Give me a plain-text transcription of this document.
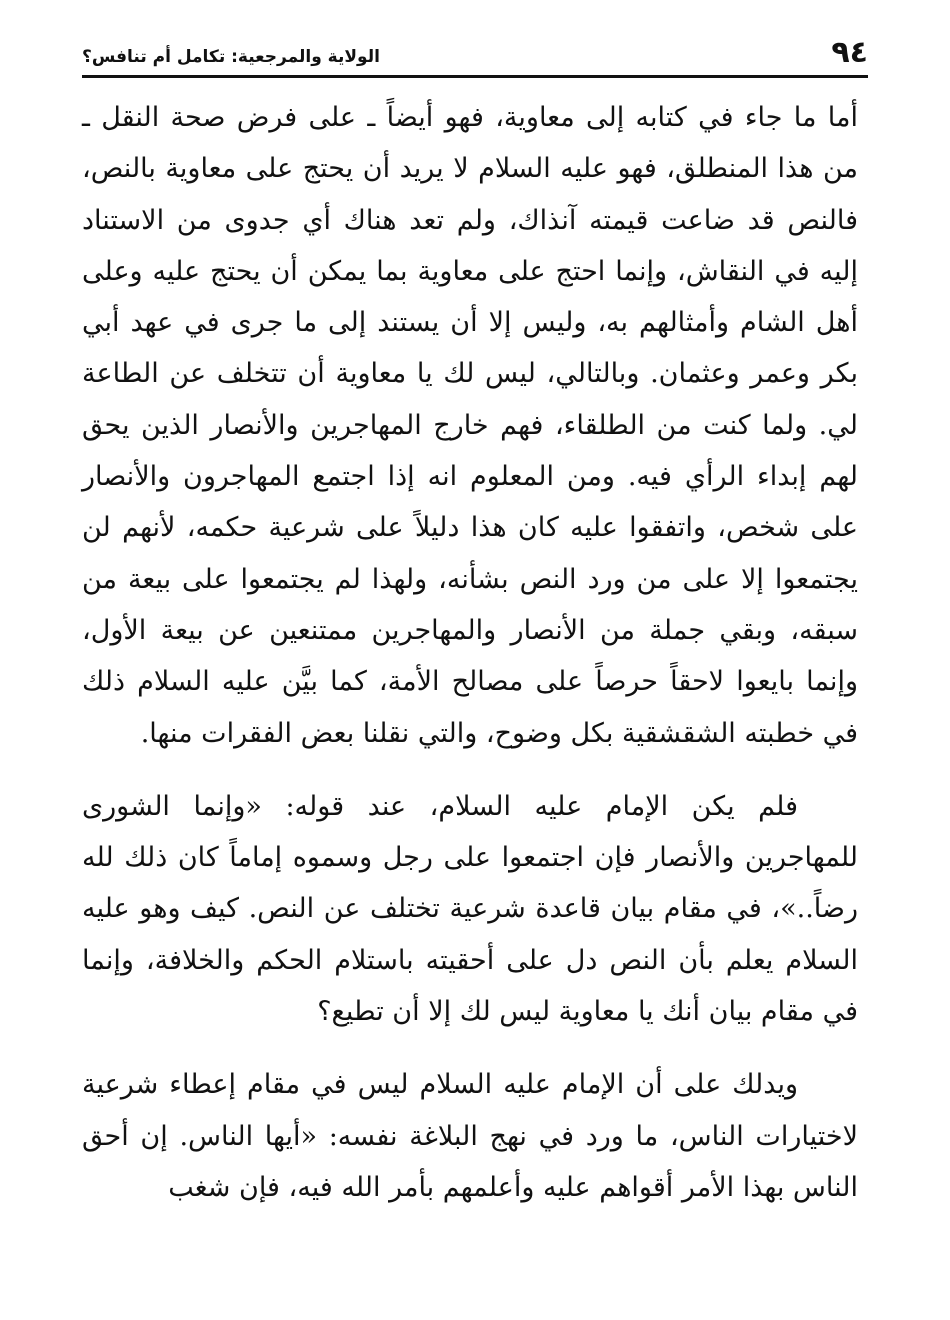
٩٤
الولاية والمرجعية: تكامل أم تنافس؟

أما ما جاء في كتابه إلى معاوية، فهو أيضاً ـ على فرض صحة النقل ـ من هذا المنطلق، فهو عليه السلام لا يريد أن يحتج على معاوية بالنص، فالنص قد ضاعت قيمته آنذاك، ولم تعد هناك أي جدوى من الاستناد إليه في النقاش، وإنما احتج على معاوية بما يمكن أن يحتج عليه وعلى أهل الشام وأمثالهم به، وليس إلا أن يستند إلى ما جرى في عهد أبي بكر وعمر وعثمان. وبالتالي، ليس لك يا معاوية أن تتخلف عن الطاعة لي. ولما كنت من الطلقاء، فهم خارج المهاجرين والأنصار الذين يحق لهم إبداء الرأي فيه. ومن المعلوم انه إذا اجتمع المهاجرون والأنصار على شخص، واتفقوا عليه كان هذا دليلاً على شرعية حكمه، لأنهم لن يجتمعوا إلا على من ورد النص بشأنه، ولهذا لم يجتمعوا على بيعة من سبقه، وبقي جملة من الأنصار والمهاجرين ممتنعين عن بيعة الأول، وإنما بايعوا لاحقاً حرصاً على مصالح الأمة، كما بيَّن عليه السلام ذلك في خطبته الشقشقية بكل وضوح، والتي نقلنا بعض الفقرات منها.

فلم يكن الإمام عليه السلام، عند قوله: «وإنما الشورى للمهاجرين والأنصار فإن اجتمعوا على رجل وسموه إماماً كان ذلك لله رضاً..»، في مقام بيان قاعدة شرعية تختلف عن النص. كيف وهو عليه السلام يعلم بأن النص دل على أحقيته باستلام الحكم والخلافة، وإنما في مقام بيان أنك يا معاوية ليس لك إلا أن تطيع؟

ويدلك على أن الإمام عليه السلام ليس في مقام إعطاء شرعية لاختيارات الناس، ما ورد في نهج البلاغة نفسه: «أيها الناس. إن أحق الناس بهذا الأمر أقواهم عليه وأعلمهم بأمر الله فيه، فإن شغب
